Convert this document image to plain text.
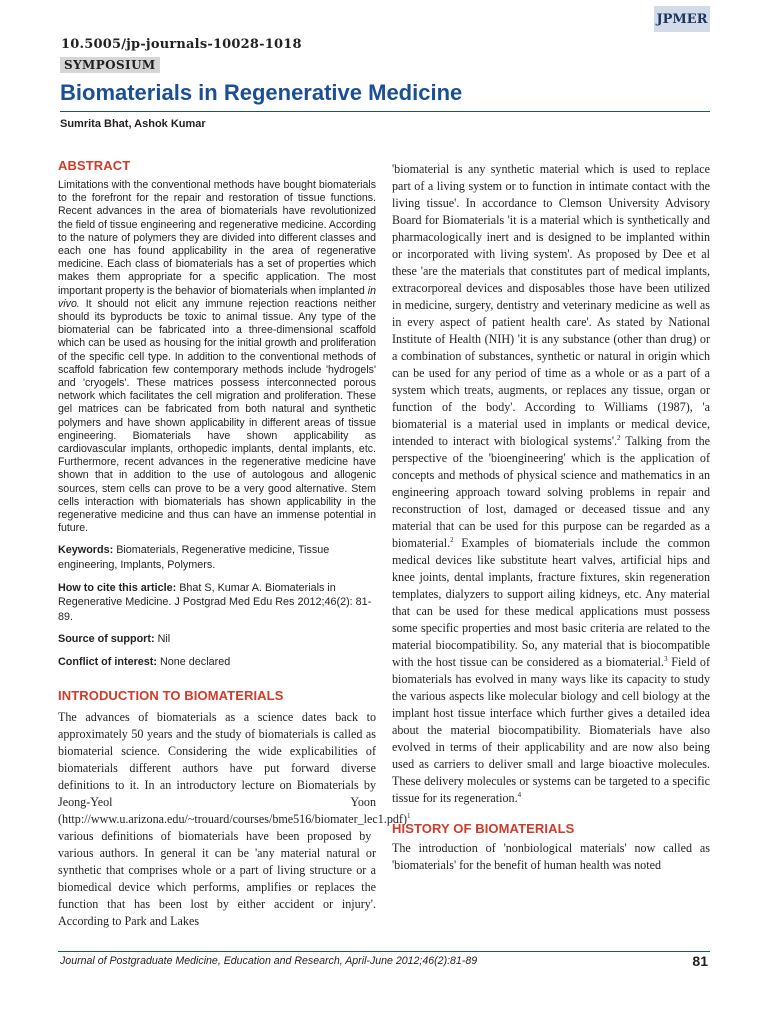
JPMER
10.5005/jp-journals-10028-1018
SYMPOSIUM
Biomaterials in Regenerative Medicine
Sumrita Bhat, Ashok Kumar
ABSTRACT

Limitations with the conventional methods have bought biomaterials to the forefront for the repair and restoration of tissue functions. Recent advances in the area of biomaterials have revolutionized the field of tissue engineering and regenerative medicine. According to the nature of polymers they are divided into different classes and each one has found applicability in the area of regenerative medicine. Each class of biomaterials has a set of properties which makes them appropriate for a specific application. The most important property is the behavior of biomaterials when implanted in vivo. It should not elicit any immune rejection reactions neither should its byproducts be toxic to animal tissue. Any type of the biomaterial can be fabricated into a three-dimensional scaffold which can be used as housing for the initial growth and proliferation of the specific cell type. In addition to the conventional methods of scaffold fabrication few contemporary methods include 'hydrogels' and 'cryogels'. These matrices possess interconnected porous network which facilitates the cell migration and proliferation. These gel matrices can be fabricated from both natural and synthetic polymers and have shown applicability in different areas of tissue engineering. Biomaterials have shown applicability as cardiovascular implants, orthopedic implants, dental implants, etc. Furthermore, recent advances in the regenerative medicine have shown that in addition to the use of autologous and allogenic sources, stem cells can prove to be a very good alternative. Stem cells interaction with biomaterials has shown applicability in the regenerative medicine and thus can have an immense potential in future.

Keywords: Biomaterials, Regenerative medicine, Tissue engineering, Implants, Polymers.

How to cite this article: Bhat S, Kumar A. Biomaterials in Regenerative Medicine. J Postgrad Med Edu Res 2012;46(2): 81-89.

Source of support: Nil

Conflict of interest: None declared

INTRODUCTION TO BIOMATERIALS

The advances of biomaterials as a science dates back to approximately 50 years and the study of biomaterials is called as biomaterial science. Considering the wide explicabilities of biomaterials different authors have put forward diverse definitions to it. In an introductory lecture on Biomaterials by Jeong-Yeol Yoon (http://www.u.arizona.edu/~trouard/courses/bme516/biomater_lec1.pdf)$^1$ various definitions of biomaterials have been proposed by various authors. In general it can be 'any material natural or synthetic that comprises whole or a part of living structure or a biomedical device which performs, amplifies or replaces the function that has been lost by either accident or injury'. According to Park and Lakes

'biomaterial is any synthetic material which is used to replace part of a living system or to function in intimate contact with the living tissue'. In accordance to Clemson University Advisory Board for Biomaterials 'it is a material which is synthetically and pharmacologically inert and is designed to be implanted within or incorporated with living system'. As proposed by Dee et al these 'are the materials that constitutes part of medical implants, extracorporeal devices and disposables those have been utilized in medicine, surgery, dentistry and veterinary medicine as well as in every aspect of patient health care'. As stated by National Institute of Health (NIH) 'it is any substance (other than drug) or a combination of substances, synthetic or natural in origin which can be used for any period of time as a whole or as a part of a system which treats, augments, or replaces any tissue, organ or function of the body'. According to Williams (1987), 'a biomaterial is a material used in implants or medical device, intended to interact with biological systems'.$^2$ Talking from the perspective of the 'bioengineering' which is the application of concepts and methods of physical science and mathematics in an engineering approach toward solving problems in repair and reconstruction of lost, damaged or deceased tissue and any material that can be used for this purpose can be regarded as a biomaterial.$^2$ Examples of biomaterials include the common medical devices like substitute heart valves, artificial hips and knee joints, dental implants, fracture fixtures, skin regeneration templates, dialyzers to support ailing kidneys, etc. Any material that can be used for these medical applications must possess some specific properties and most basic criteria are related to the material biocompatibility. So, any material that is biocompatible with the host tissue can be considered as a biomaterial.$^3$ Field of biomaterials has evolved in many ways like its capacity to study the various aspects like molecular biology and cell biology at the implant host tissue interface which further gives a detailed idea about the material biocompatibility. Biomaterials have also evolved in terms of their applicability and are now also being used as carriers to deliver small and large bioactive molecules. These delivery molecules or systems can be targeted to a specific tissue for its regeneration.$^4$

HISTORY OF BIOMATERIALS

The introduction of 'nonbiological materials' now called as 'biomaterials' for the benefit of human health was noted

Journal of Postgraduate Medicine, Education and Research, April-June 2012;46(2):81-89	81
